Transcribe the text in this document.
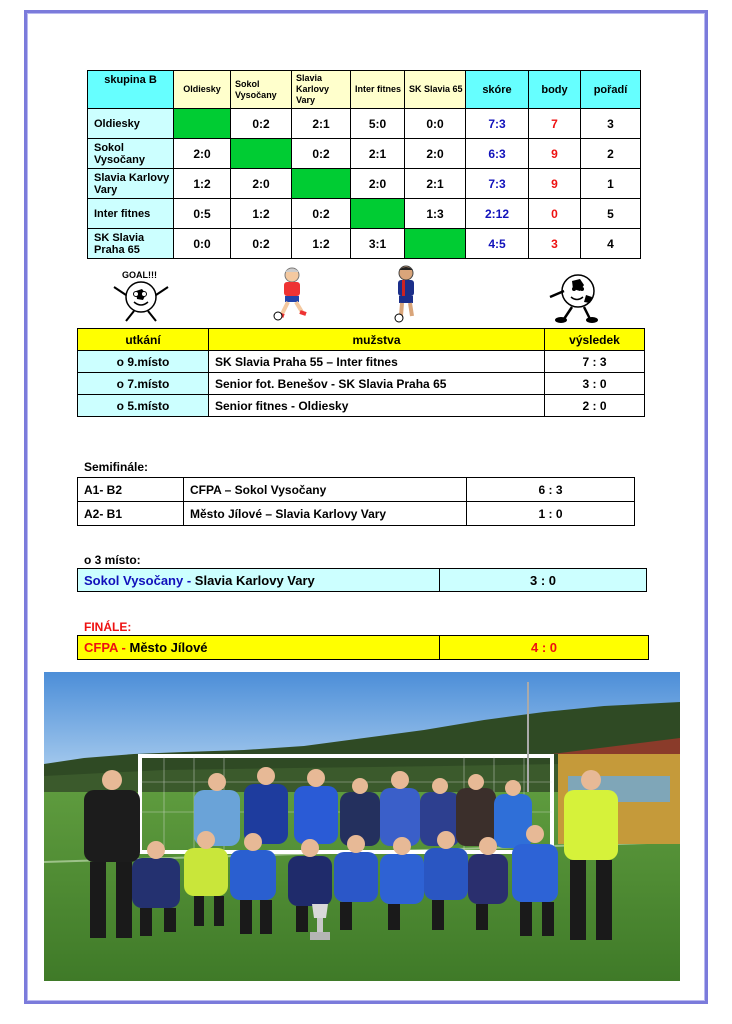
skupina B	Oldiesky	Sokol Vysočany	Slavia Karlovy Vary	Inter fitnes	SK Slavia 65	skóre	body	pořadí
Oldiesky		0:2	2:1	5:0	0:0	7:3	7	3
Sokol Vysočany	2:0		0:2	2:1	2:0	6:3	9	2
Slavia Karlovy Vary	1:2	2:0		2:0	2:1	7:3	9	1
Inter fitnes	0:5	1:2	0:2		1:3	2:12	0	5
SK Slavia Praha 65	0:0	0:2	1:2	3:1		4:5	3	4
GOAL!!!
utkání	mužstva	výsledek
o 9.místo	SK Slavia Praha 55 – Inter fitnes	7 : 3
o 7.místo	Senior fot. Benešov - SK Slavia Praha 65	3 : 0
o 5.místo	Senior fitnes - Oldiesky	2 : 0
Semifinále:
A1- B2	CFPA – Sokol Vysočany	6 : 3
A2- B1	Město Jílové – Slavia Karlovy Vary	1 : 0
o 3 místo:
Sokol Vysočany - Slavia Karlovy Vary	3 : 0
FINÁLE:
CFPA - Město Jílové	4 : 0
